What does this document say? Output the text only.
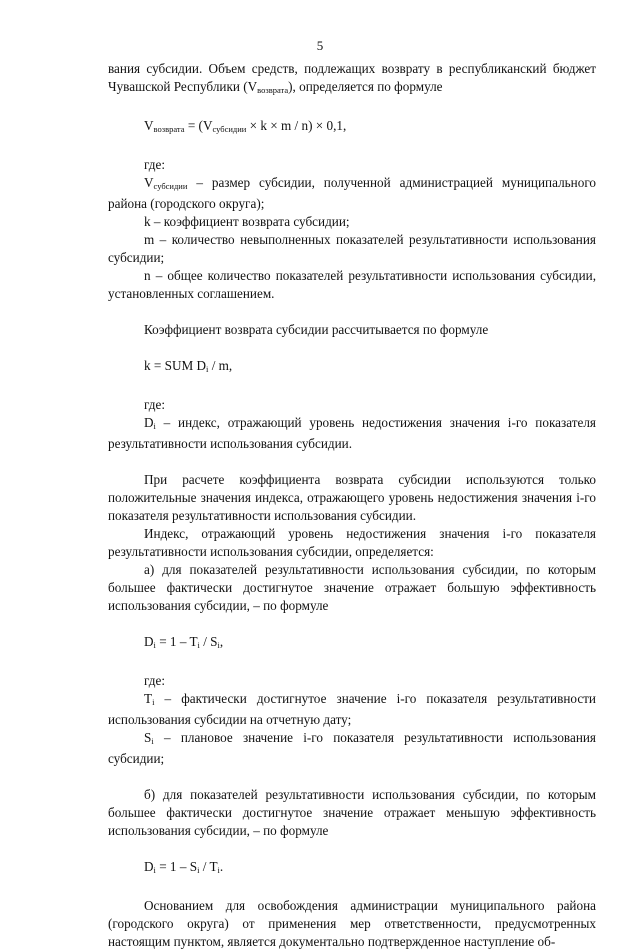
5

вания субсидии. Объем средств, подлежащих возврату в республиканский бюджет Чувашской Республики $(V_{возврата})$, определяется по формуле

$V_{возврата} = (V_{субсидии} \times k \times m / n) \times 0,1$,

где:

$V_{субсидии}$ – размер субсидии, полученной администрацией муниципального района (городского округа);

k – коэффициент возврата субсидии;

m – количество невыполненных показателей результативности использования субсидии;

n – общее количество показателей результативности использования субсидии, установленных соглашением.

Коэффициент возврата субсидии рассчитывается по формуле

k = SUM Di / m,

где:

Di – индекс, отражающий уровень недостижения значения i-го показателя результативности использования субсидии.

При расчете коэффициента возврата субсидии используются только положительные значения индекса, отражающего уровень недостижения значения i-го показателя результативности использования субсидии.

Индекс, отражающий уровень недостижения значения i-го показателя результативности использования субсидии, определяется:

а) для показателей результативности использования субсидии, по которым большее фактически достигнутое значение отражает большую эффективность использования субсидии, – по формуле

Di = 1 – Ti / Si,

где:

Ti – фактически достигнутое значение i-го показателя результативности использования субсидии на отчетную дату;

Si – плановое значение i-го показателя результативности использования субсидии;

б) для показателей результативности использования субсидии, по которым большее фактически достигнутое значение отражает меньшую эффективность использования субсидии, – по формуле

Di = 1 – Si / Ti.

Основанием для освобождения администрации муниципального района (городского округа) от применения мер ответственности, предусмотренных настоящим пунктом, является документально подтвержденное наступление об-
